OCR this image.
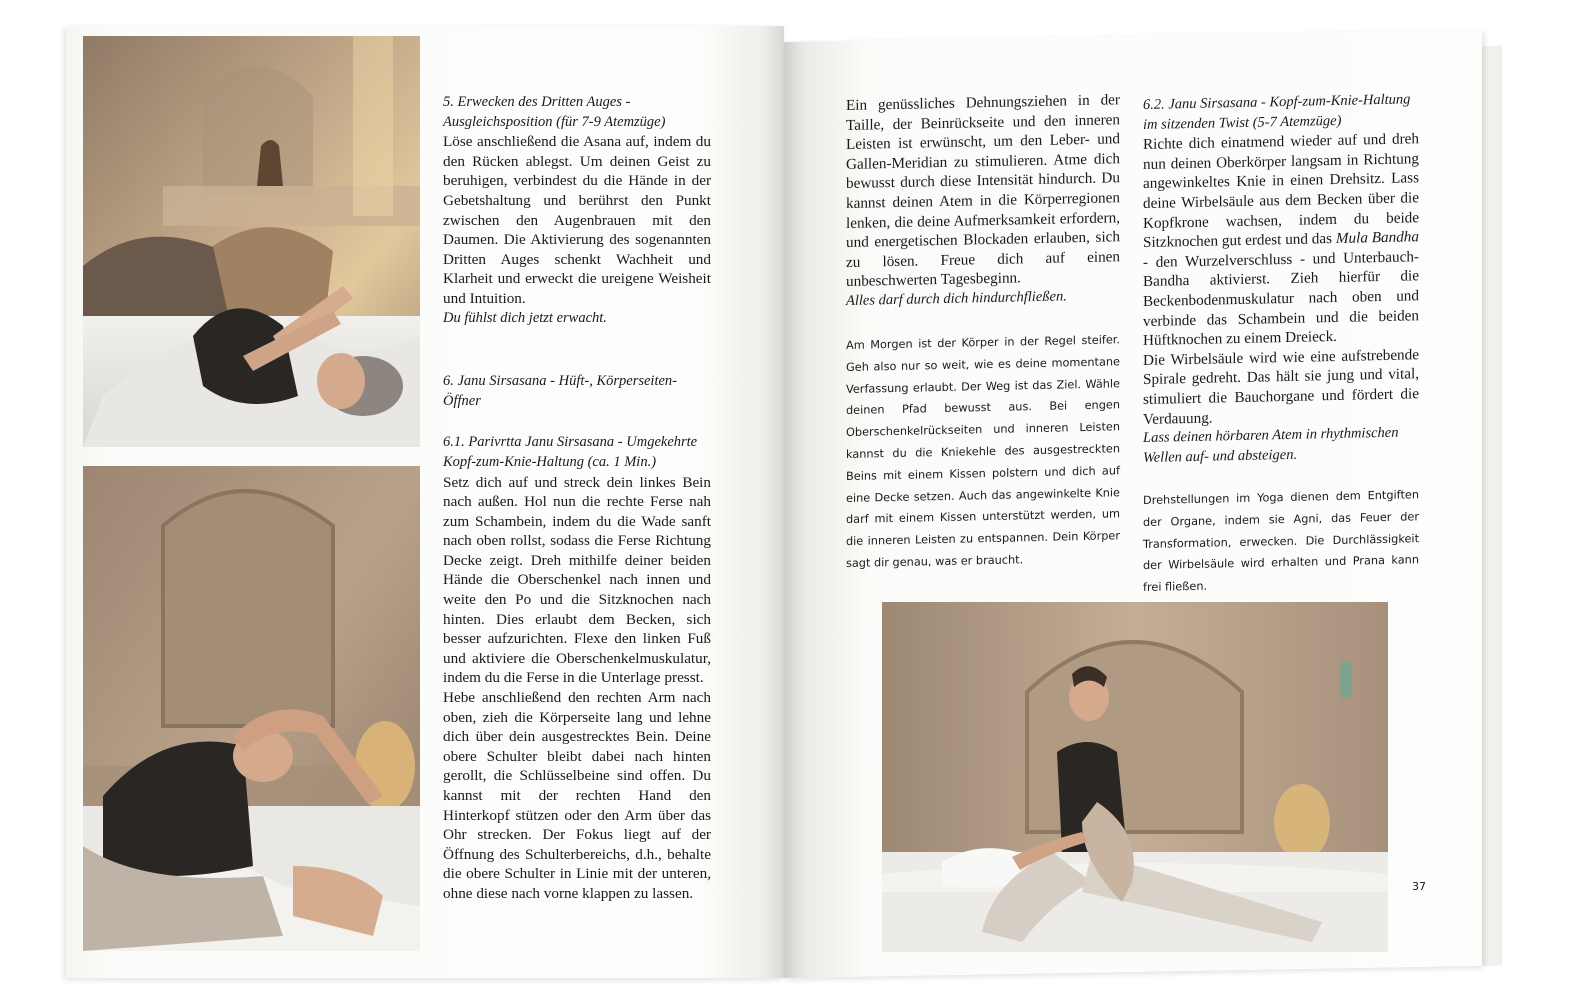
5. Erwecken des Dritten Auges -

Ausgleichsposition (für 7-9 Atemzüge)

Löse anschließend die Asana auf, indem du den Rücken ablegst. Um deinen Geist zu beruhigen, verbindest du die Hände in der Gebetshaltung und berührst den Punkt zwischen den Augenbrauen mit den Daumen. Die Aktivierung des sogenannten Dritten Auges schenkt Wachheit und Klarheit und erweckt die ureigene Weisheit und Intuition.

Du fühlst dich jetzt erwacht.

6. Janu Sirsasana - Hüft-, Körperseiten-Öffner

6.1. Parivrtta Janu Sirsasana - Umgekehrte

Kopf-zum-Knie-Haltung (ca. 1 Min.)

Setz dich auf und streck dein linkes Bein nach außen. Hol nun die rechte Ferse nah zum Schambein, indem du die Wade sanft nach oben rollst, sodass die Ferse Richtung Decke zeigt. Dreh mithilfe deiner beiden Hände die Oberschenkel nach innen und weite den Po und die Sitzknochen nach hinten. Dies erlaubt dem Becken, sich besser aufzurichten. Flexe den linken Fuß und aktiviere die Oberschenkelmuskulatur, indem du die Ferse in die Unterlage presst.

Hebe anschließend den rechten Arm nach oben, zieh die Körperseite lang und lehne dich über dein ausgestrecktes Bein. Deine obere Schulter bleibt dabei nach hinten gerollt, die Schlüsselbeine sind offen. Du kannst mit der rechten Hand den Hinterkopf stützen oder den Arm über das Ohr strecken. Der Fokus liegt auf der Öffnung des Schulterbereichs, d.h., behalte die obere Schulter in Linie mit der unteren, ohne diese nach vorne klappen zu lassen.

Ein genüssliches Dehnungsziehen in der Taille, der Beinrückseite und den inneren Leisten ist erwünscht, um den Leber- und Gallen-Meridian zu stimulieren. Atme dich bewusst durch diese Intensität hindurch. Du kannst deinen Atem in die Körperregionen lenken, die deine Aufmerksamkeit erfordern, und energetischen Blockaden erlauben, sich zu lösen. Freue dich auf einen unbeschwerten Tagesbeginn.

Alles darf durch dich hindurchfließen.

Am Morgen ist der Körper in der Regel steifer. Geh also nur so weit, wie es deine momentane Verfassung erlaubt. Der Weg ist das Ziel. Wähle deinen Pfad bewusst aus. Bei engen Oberschenkelrückseiten und inneren Leisten kannst du die Kniekehle des ausgestreckten Beins mit einem Kissen polstern und dich auf eine Decke setzen. Auch das angewinkelte Knie darf mit einem Kissen unterstützt werden, um die inneren Leisten zu entspannen. Dein Körper sagt dir genau, was er braucht.

6.2. Janu Sirsasana - Kopf-zum-Knie-Haltung

im sitzenden Twist (5-7 Atemzüge)

Richte dich einatmend wieder auf und dreh nun deinen Oberkörper langsam in Richtung angewinkeltes Knie in einen Drehsitz. Lass deine Wirbelsäule aus dem Becken über die Kopfkrone wachsen, indem du beide Sitzknochen gut erdest und das Mula Bandha - den Wurzelverschluss - und Unterbauch-Bandha aktivierst. Zieh hierfür die Beckenbodenmuskulatur nach oben und verbinde das Schambein und die beiden Hüftknochen zu einem Dreieck.

Die Wirbelsäule wird wie eine aufstrebende Spirale gedreht. Das hält sie jung und vital, stimuliert die Bauchorgane und fördert die Verdauung.

Lass deinen hörbaren Atem in rhythmischen Wellen auf- und absteigen.

Drehstellungen im Yoga dienen dem Entgiften der Organe, indem sie Agni, das Feuer der Transformation, erwecken. Die Durchlässigkeit der Wirbelsäule wird erhalten und Prana kann frei fließen.
37
